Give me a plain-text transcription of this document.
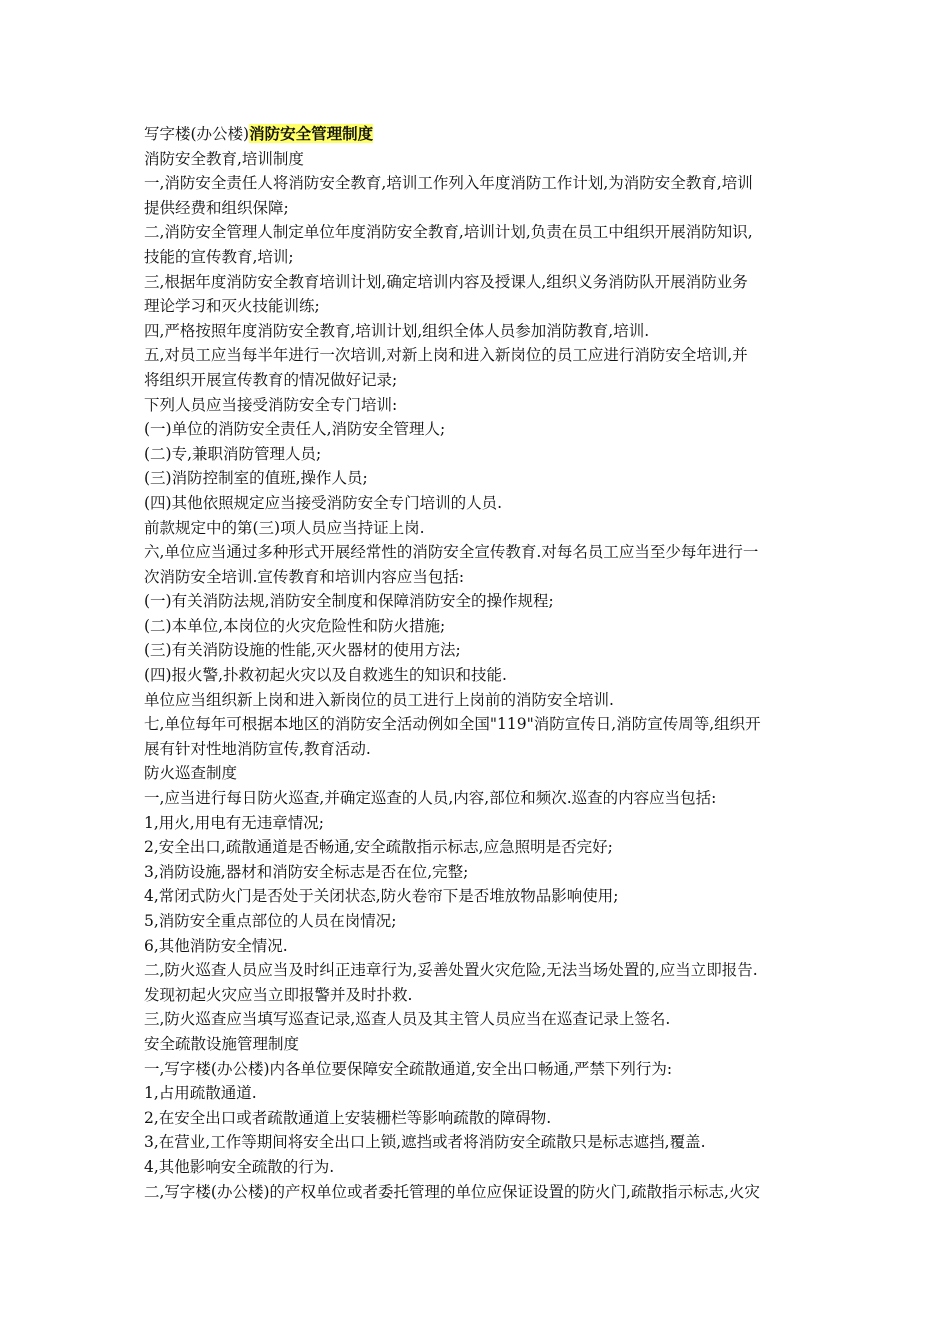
写字楼(办公楼)消防安全管理制度
消防安全教育,培训制度
一,消防安全责任人将消防安全教育,培训工作列入年度消防工作计划,为消防安全教育,培训
提供经费和组织保障;
二,消防安全管理人制定单位年度消防安全教育,培训计划,负责在员工中组织开展消防知识,
技能的宣传教育,培训;
三,根据年度消防安全教育培训计划,确定培训内容及授课人,组织义务消防队开展消防业务
理论学习和灭火技能训练;
四,严格按照年度消防安全教育,培训计划,组织全体人员参加消防教育,培训.
五,对员工应当每半年进行一次培训,对新上岗和进入新岗位的员工应进行消防安全培训,并
将组织开展宣传教育的情况做好记录;
下列人员应当接受消防安全专门培训:
(一)单位的消防安全责任人,消防安全管理人;
(二)专,兼职消防管理人员;
(三)消防控制室的值班,操作人员;
(四)其他依照规定应当接受消防安全专门培训的人员.
前款规定中的第(三)项人员应当持证上岗.
六,单位应当通过多种形式开展经常性的消防安全宣传教育.对每名员工应当至少每年进行一
次消防安全培训.宣传教育和培训内容应当包括:
(一)有关消防法规,消防安全制度和保障消防安全的操作规程;
(二)本单位,本岗位的火灾危险性和防火措施;
(三)有关消防设施的性能,灭火器材的使用方法;
(四)报火警,扑救初起火灾以及自救逃生的知识和技能.
单位应当组织新上岗和进入新岗位的员工进行上岗前的消防安全培训.
七,单位每年可根据本地区的消防安全活动例如全国"119"消防宣传日,消防宣传周等,组织开
展有针对性地消防宣传,教育活动.
防火巡查制度
一,应当进行每日防火巡查,并确定巡查的人员,内容,部位和频次.巡查的内容应当包括:
1,用火,用电有无违章情况;
2,安全出口,疏散通道是否畅通,安全疏散指示标志,应急照明是否完好;
3,消防设施,器材和消防安全标志是否在位,完整;
4,常闭式防火门是否处于关闭状态,防火卷帘下是否堆放物品影响使用;
5,消防安全重点部位的人员在岗情况;
6,其他消防安全情况.
二,防火巡查人员应当及时纠正违章行为,妥善处置火灾危险,无法当场处置的,应当立即报告.
发现初起火灾应当立即报警并及时扑救.
三,防火巡查应当填写巡查记录,巡查人员及其主管人员应当在巡查记录上签名.
安全疏散设施管理制度
一,写字楼(办公楼)内各单位要保障安全疏散通道,安全出口畅通,严禁下列行为:
1,占用疏散通道.
2,在安全出口或者疏散通道上安装栅栏等影响疏散的障碍物.
3,在营业,工作等期间将安全出口上锁,遮挡或者将消防安全疏散只是标志遮挡,覆盖.
4,其他影响安全疏散的行为.
二,写字楼(办公楼)的产权单位或者委托管理的单位应保证设置的防火门,疏散指示标志,火灾
